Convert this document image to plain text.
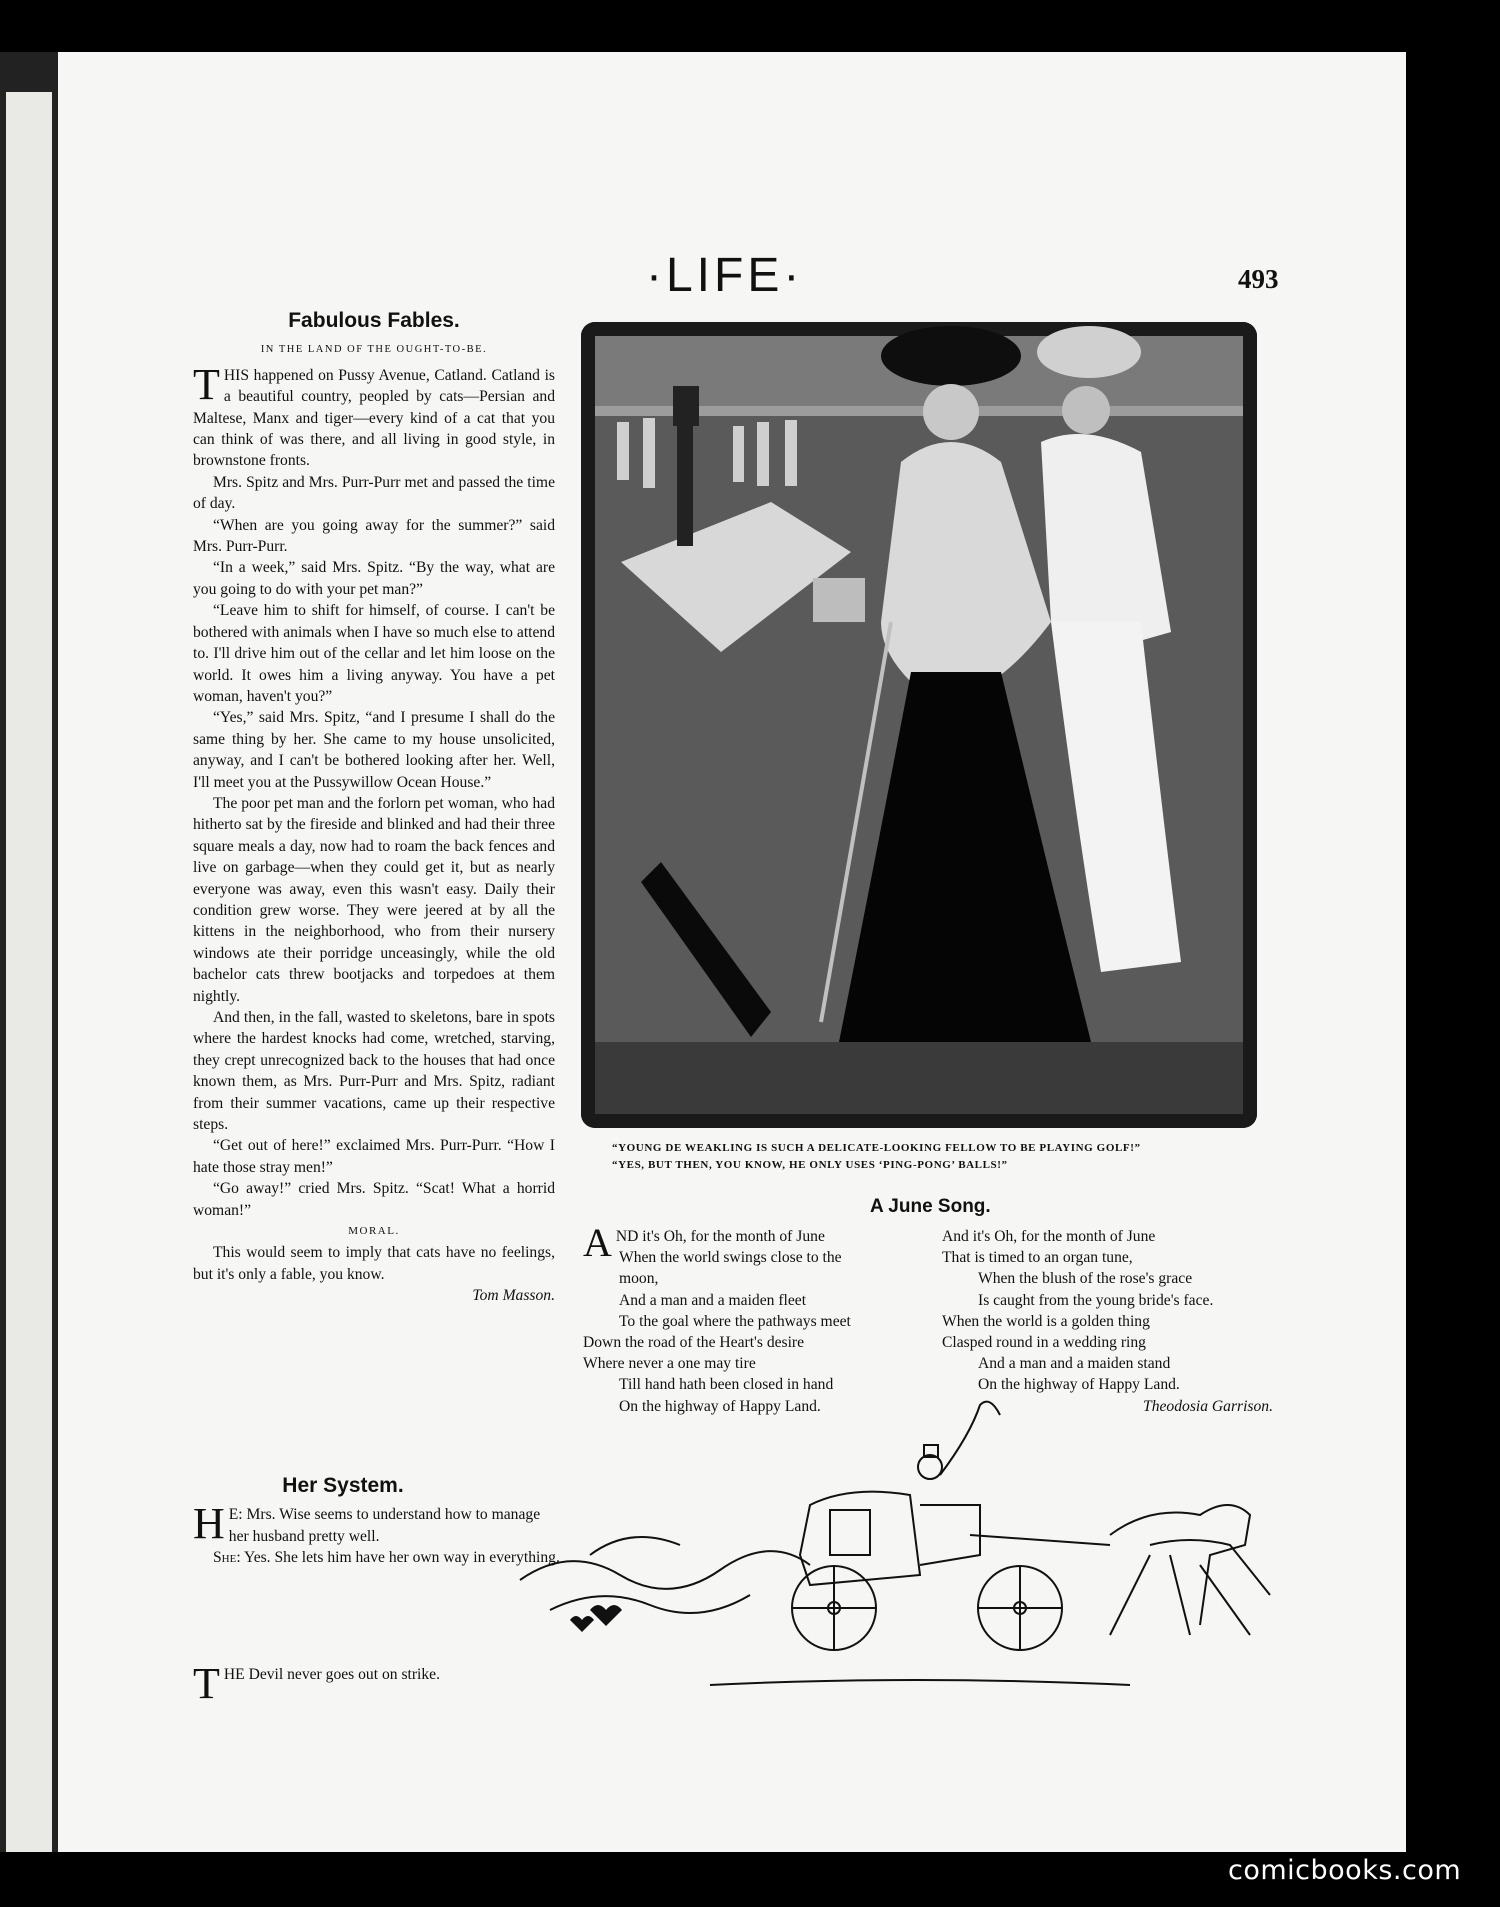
·LIFE·	493
Fabulous Fables.
IN THE LAND OF THE OUGHT-TO-BE.

THIS happened on Pussy Avenue, Catland. Catland is a beautiful country, peopled by cats—Persian and Maltese, Manx and tiger—every kind of a cat that you can think of was there, and all living in good style, in brownstone fronts.

Mrs. Spitz and Mrs. Purr-Purr met and passed the time of day.

“When are you going away for the summer?” said Mrs. Purr-Purr.

“In a week,” said Mrs. Spitz. “By the way, what are you going to do with your pet man?”

“Leave him to shift for himself, of course. I can't be bothered with animals when I have so much else to attend to. I'll drive him out of the cellar and let him loose on the world. It owes him a living anyway. You have a pet woman, haven't you?”

“Yes,” said Mrs. Spitz, “and I presume I shall do the same thing by her. She came to my house unsolicited, anyway, and I can't be bothered looking after her. Well, I'll meet you at the Pussywillow Ocean House.”

The poor pet man and the forlorn pet woman, who had hitherto sat by the fireside and blinked and had their three square meals a day, now had to roam the back fences and live on garbage—when they could get it, but as nearly everyone was away, even this wasn't easy. Daily their condition grew worse. They were jeered at by all the kittens in the neighborhood, who from their nursery windows ate their porridge unceasingly, while the old bachelor cats threw bootjacks and torpedoes at them nightly.

And then, in the fall, wasted to skeletons, bare in spots where the hardest knocks had come, wretched, starving, they crept unrecognized back to the houses that had once known them, as Mrs. Purr-Purr and Mrs. Spitz, radiant from their summer vacations, came up their respective steps.

“Get out of here!” exclaimed Mrs. Purr-Purr. “How I hate those stray men!”

“Go away!” cried Mrs. Spitz. “Scat! What a horrid woman!”

MORAL.

This would seem to imply that cats have no feelings, but it's only a fable, you know.

Tom Masson.
“YOUNG DE WEAKLING IS SUCH A DELICATE-LOOKING FELLOW TO BE PLAYING GOLF!”
“YES, BUT THEN, YOU KNOW, HE ONLY USES ‘PING-PONG’ BALLS!”
A June Song.
AND it's Oh, for the month of June
When the world swings close to the
moon,
And a man and a maiden fleet
To the goal where the pathways meet
Down the road of the Heart's desire
Where never a one may tire
Till hand hath been closed in hand
On the highway of Happy Land.
And it's Oh, for the month of June
That is timed to an organ tune,
When the blush of the rose's grace
Is caught from the young bride's face.
When the world is a golden thing
Clasped round in a wedding ring
And a man and a maiden stand
On the highway of Happy Land.
Theodosia Garrison.
Her System.

H E: Mrs. Wise seems to understand how to manage her husband pretty well.

She: Yes. She lets him have her own way in everything.

THE Devil never goes out on strike.
comicbooks.com
